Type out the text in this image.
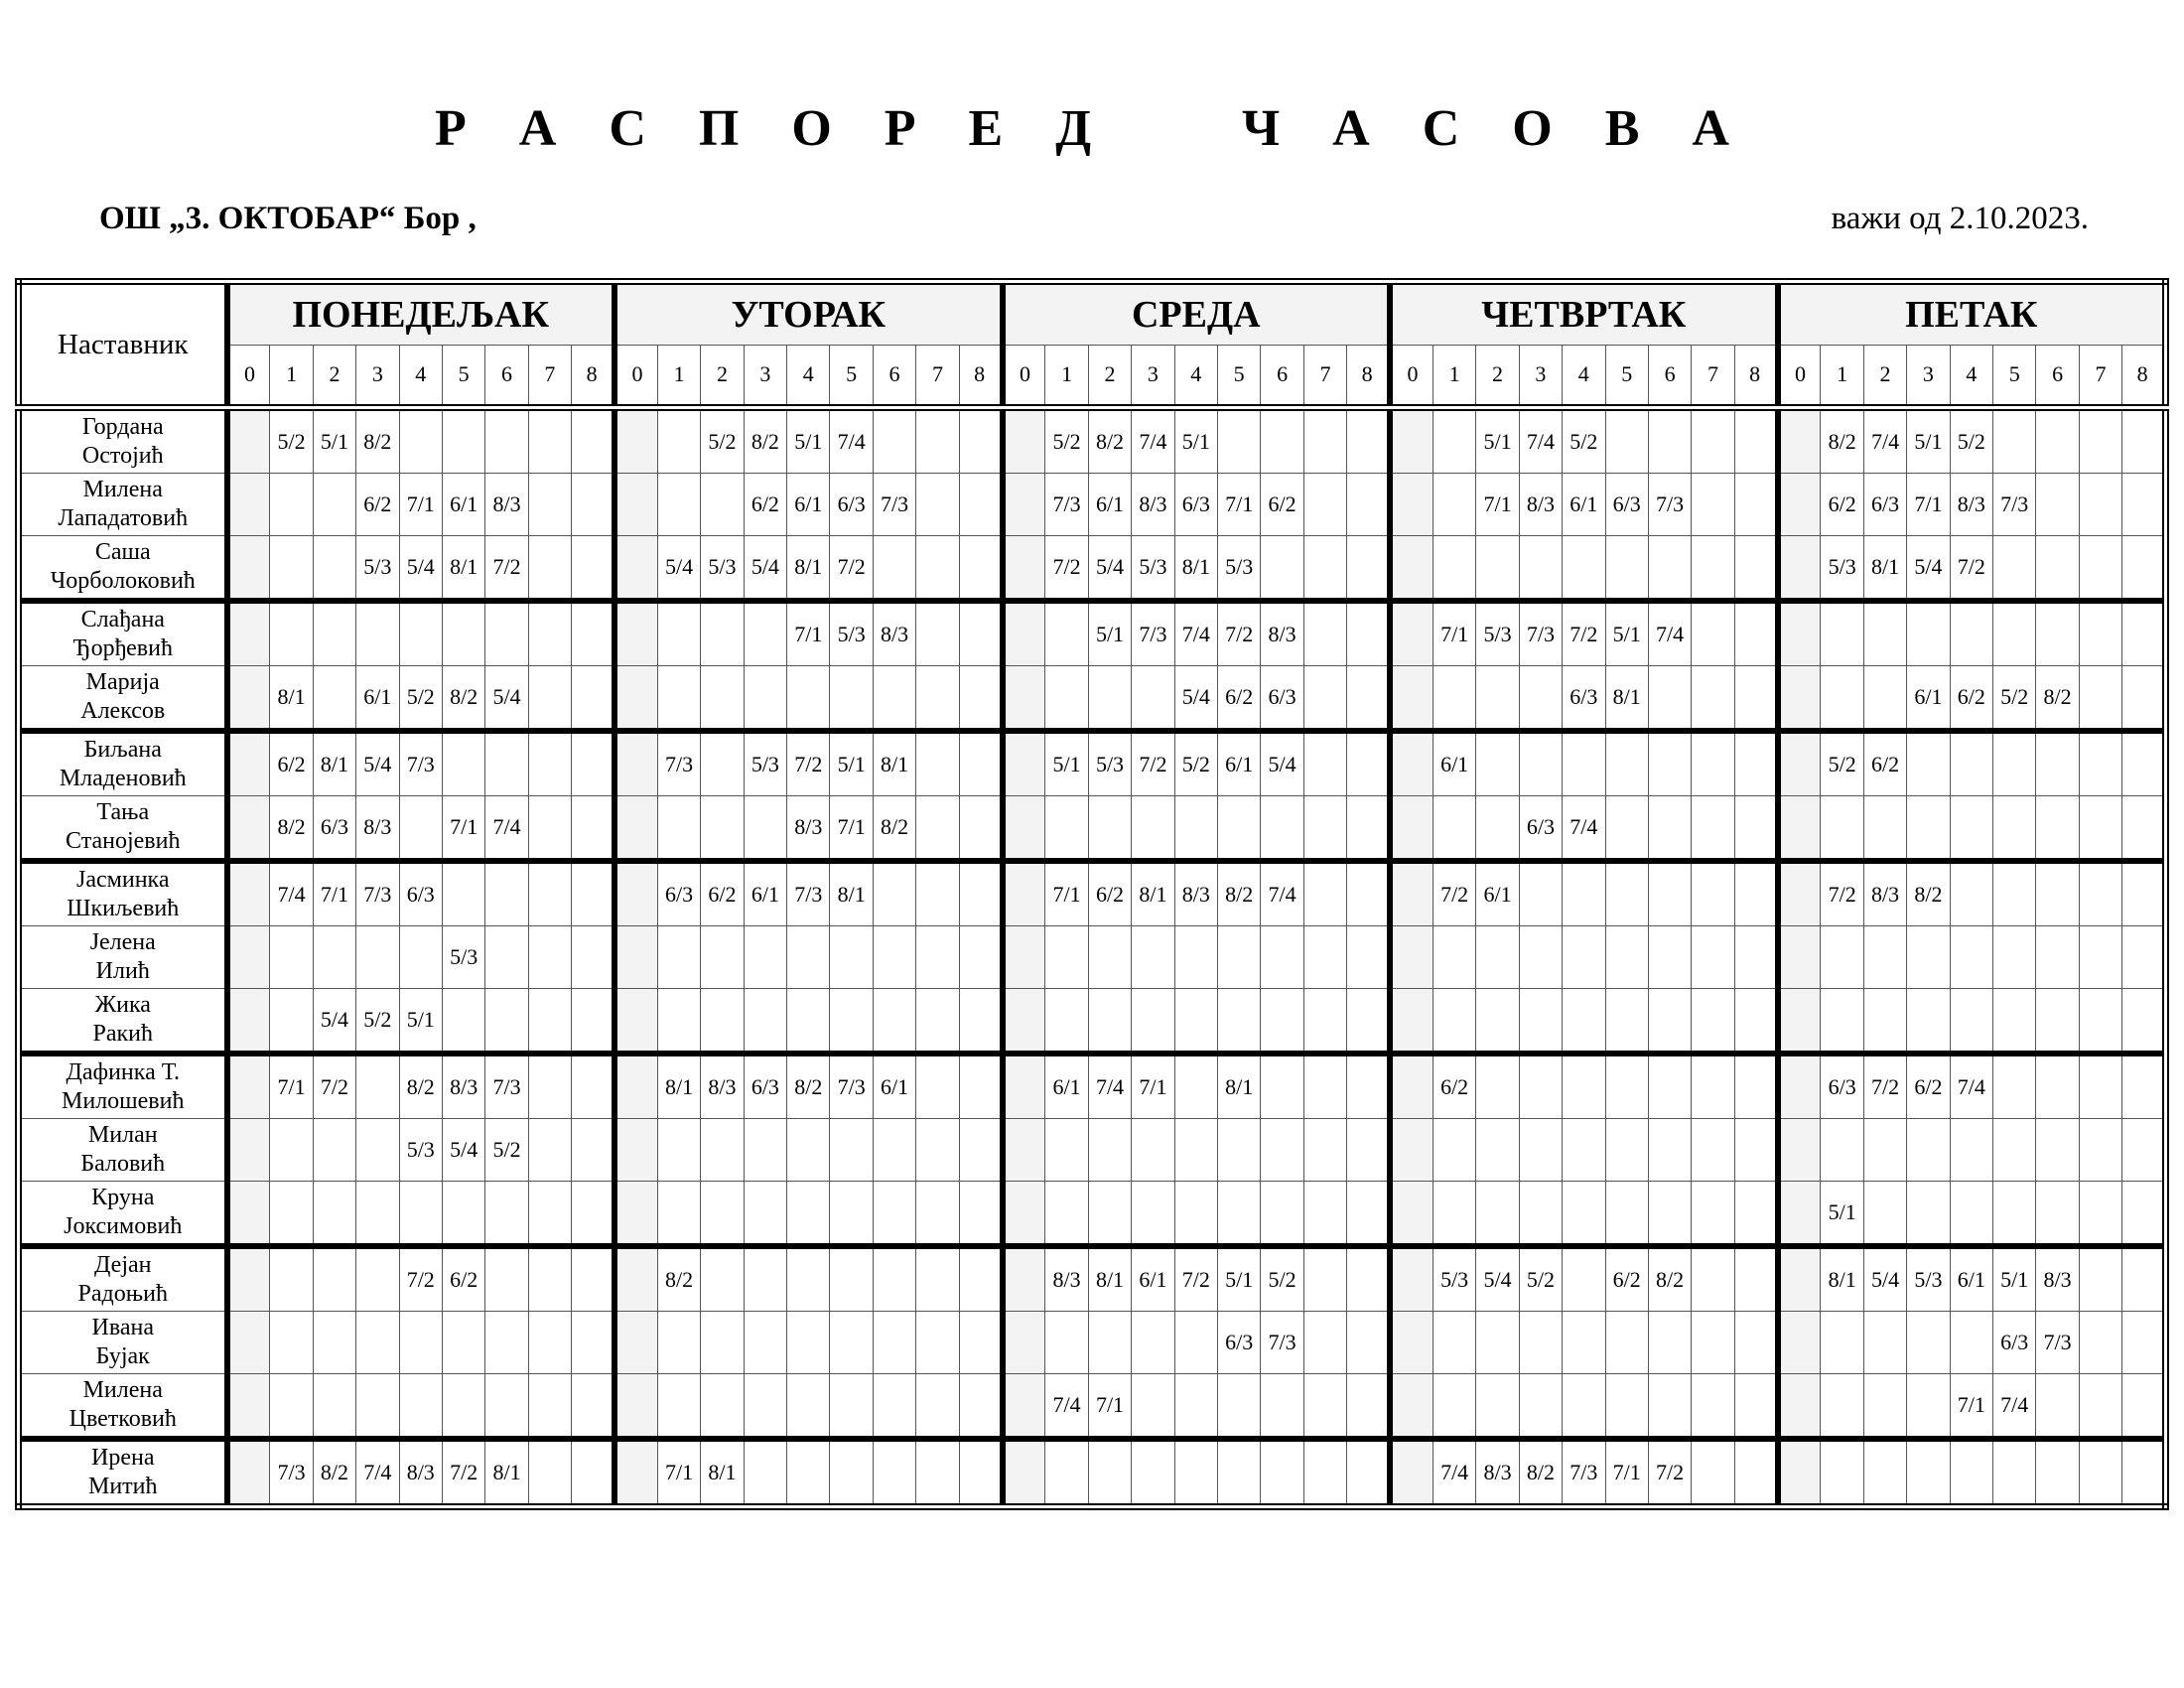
Р А С П О Р Е Д    Ч А С О В А
ОШ „3. ОКТОБАР“ Бор ,	важи од 2.10.2023.
Наставник	ПОНЕДЕЉАК									УТОРАК									СРЕДА									ЧЕТВРТАК									ПЕТАК								
	0	1	2	3	4	5	6	7	8	0	1	2	3	4	5	6	7	8	0	1	2	3	4	5	6	7	8	0	1	2	3	4	5	6	7	8	0	1	2	3	4	5	6	7	8

Гордана
Остојић		5/2	5/1	8/2								5/2	8/2	5/1	7/4					5/2	8/2	7/4	5/1							5/1	7/4	5/2						8/2	7/4	5/1	5/2				

Милена
Лападатовић				6/2	7/1	6/1	8/3						6/2	6/1	6/3	7/3				7/3	6/1	8/3	6/3	7/1	6/2					7/1	8/3	6/1	6/3	7/3				6/2	6/3	7/1	8/3	7/3			

Саша
Чорболоковић				5/3	5/4	8/1	7/2				5/4	5/3	5/4	8/1	7/2					7/2	5/4	5/3	8/1	5/3														5/3	8/1	5/4	7/2				

Слађана
Ђорђевић														7/1	5/3	8/3					5/1	7/3	7/4	7/2	8/3				7/1	5/3	7/3	7/2	5/1	7/4											

Марија
Алексов		8/1		6/1	5/2	8/2	5/4																5/4	6/2	6/3							6/3	8/1							6/1	6/2	5/2	8/2		

Биљана
Младеновић		6/2	8/1	5/4	7/3						7/3		5/3	7/2	5/1	8/1				5/1	5/3	7/2	5/2	6/1	5/4				6/1									5/2	6/2						

Тања
Станојевић		8/2	6/3	8/3		7/1	7/4							8/3	7/1	8/2															6/3	7/4													

Јасминка
Шкиљевић		7/4	7/1	7/3	6/3						6/3	6/2	6/1	7/3	8/1					7/1	6/2	8/1	8/3	8/2	7/4				7/2	6/1								7/2	8/3	8/2					

Јелена
Илић						5/3																																							

Жика
Ракић			5/4	5/2	5/1																																								

Дафинка Т.
Милошевић		7/1	7/2		8/2	8/3	7/3				8/1	8/3	6/3	8/2	7/3	6/1				6/1	7/4	7/1		8/1					6/2									6/3	7/2	6/2	7/4				

Милан
Баловић					5/3	5/4	5/2																																						

Круна
Јоксимовић																																						5/1							

Дејан
Радоњић					7/2	6/2					8/2									8/3	8/1	6/1	7/2	5/1	5/2				5/3	5/4	5/2		6/2	8/2				8/1	5/4	5/3	6/1	5/1	8/3		

Ивана
Бујак																								6/3	7/3																	6/3	7/3		

Милена
Цветковић																				7/4	7/1																				7/1	7/4			

Ирена
Митић		7/3	8/2	7/4	8/3	7/2	8/1				7/1	8/1																	7/4	8/3	8/2	7/3	7/1	7/2											
